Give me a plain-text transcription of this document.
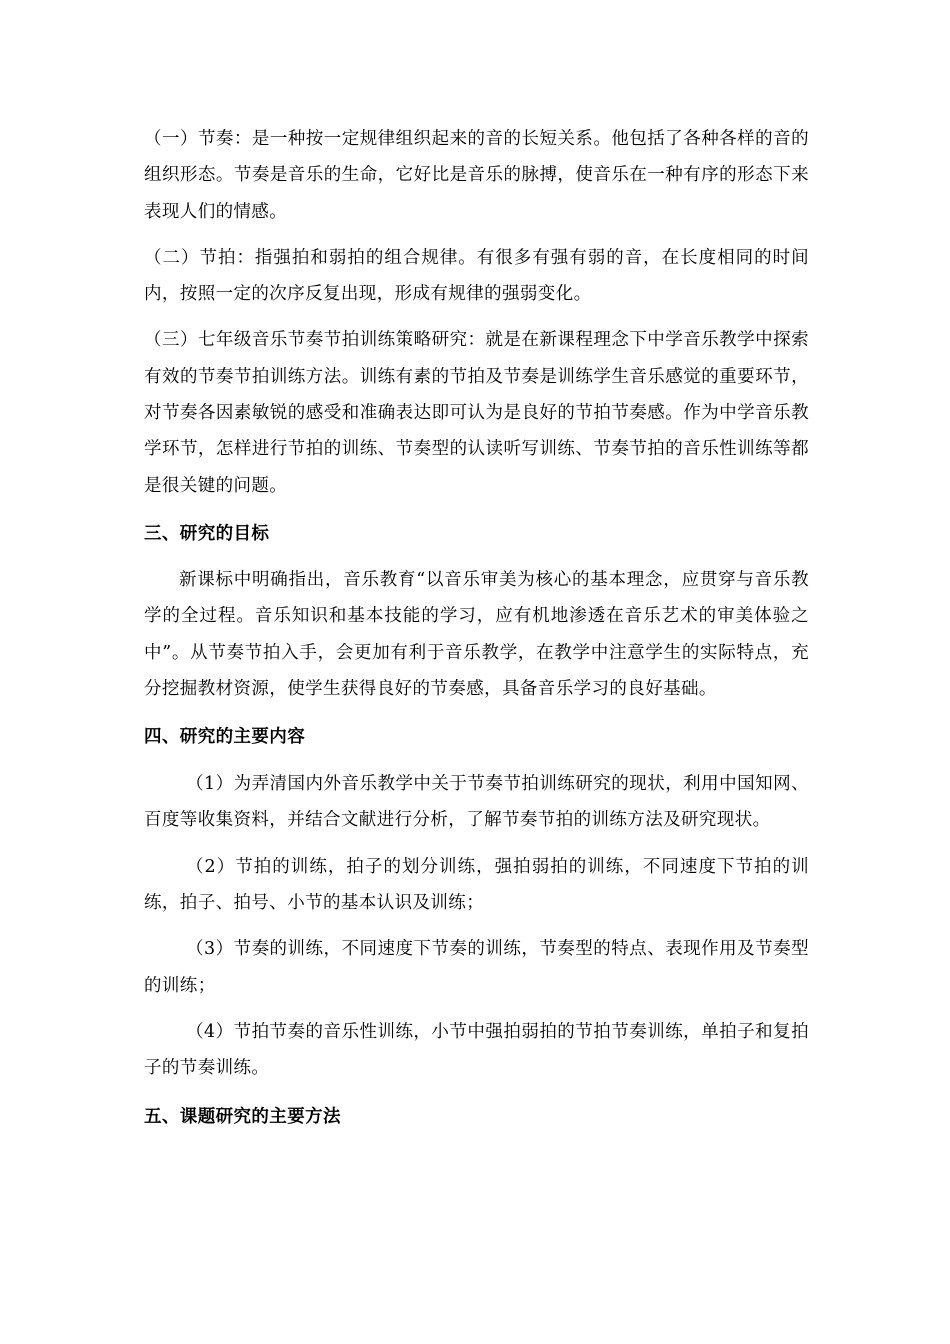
（一）节奏：是一种按一定规律组织起来的音的长短关系。他包括了各种各样的音的组织形态。节奏是音乐的生命，它好比是音乐的脉搏，使音乐在一种有序的形态下来表现人们的情感。

（二）节拍：指强拍和弱拍的组合规律。有很多有强有弱的音，在长度相同的时间内，按照一定的次序反复出现，形成有规律的强弱变化。

（三）七年级音乐节奏节拍训练策略研究：就是在新课程理念下中学音乐教学中探索有效的节奏节拍训练方法。训练有素的节拍及节奏是训练学生音乐感觉的重要环节，对节奏各因素敏锐的感受和准确表达即可认为是良好的节拍节奏感。作为中学音乐教学环节，怎样进行节拍的训练、节奏型的认读听写训练、节奏节拍的音乐性训练等都是很关键的问题。

三、研究的目标

新课标中明确指出，音乐教育“以音乐审美为核心的基本理念，应贯穿与音乐教学的全过程。音乐知识和基本技能的学习，应有机地渗透在音乐艺术的审美体验之中”。从节奏节拍入手，会更加有利于音乐教学，在教学中注意学生的实际特点，充分挖掘教材资源，使学生获得良好的节奏感，具备音乐学习的良好基础。

四、研究的主要内容

（1）为弄清国内外音乐教学中关于节奏节拍训练研究的现状，利用中国知网、百度等收集资料，并结合文献进行分析，了解节奏节拍的训练方法及研究现状。

（2）节拍的训练，拍子的划分训练，强拍弱拍的训练，不同速度下节拍的训练，拍子、拍号、小节的基本认识及训练；

（3）节奏的训练，不同速度下节奏的训练，节奏型的特点、表现作用及节奏型的训练；

（4）节拍节奏的音乐性训练，小节中强拍弱拍的节拍节奏训练，单拍子和复拍子的节奏训练。

五、课题研究的主要方法
